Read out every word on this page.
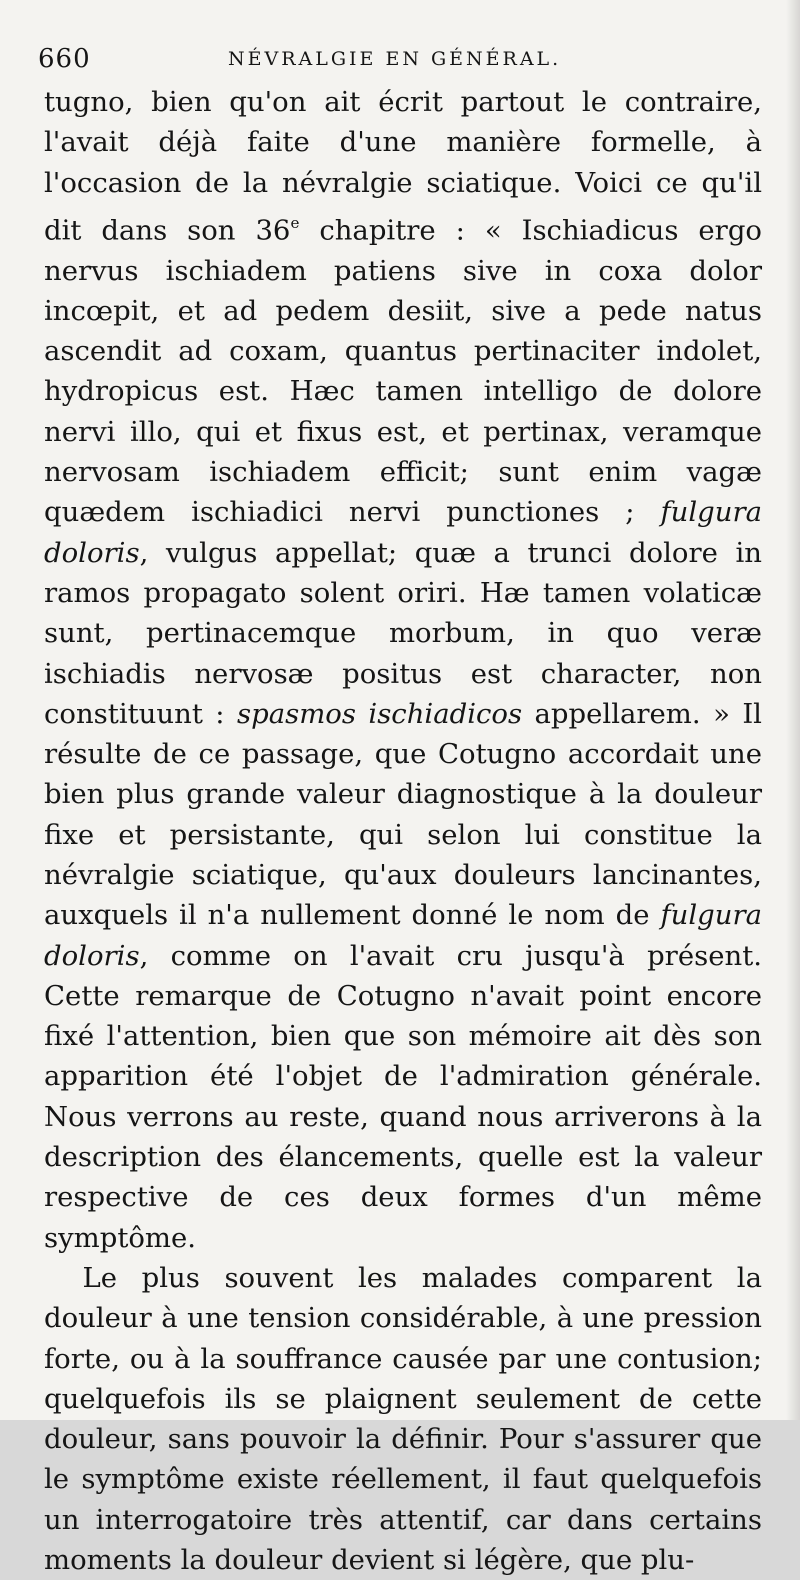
660	NÉVRALGIE EN GÉNÉRAL.

tugno, bien qu'on ait écrit partout le contraire, l'avait déjà faite d'une manière formelle, à l'occasion de la névralgie sciatique. Voici ce qu'il dit dans son 36e chapitre : « Ischiadicus ergo nervus ischiadem patiens sive in coxa dolor incœpit, et ad pedem desiit, sive a pede natus ascendit ad coxam, quantus pertinaciter indolet, hydropicus est. Hæc tamen intelligo de dolore nervi illo, qui et fixus est, et pertinax, veramque nervosam ischiadem efficit; sunt enim vagæ quædem ischiadici nervi punctiones ; fulgura doloris, vulgus appellat; quæ a trunci dolore in ramos propagato solent oriri. Hæ tamen volaticæ sunt, pertinacemque morbum, in quo veræ ischiadis nervosæ positus est character, non constituunt : spasmos ischiadicos appellarem. » Il résulte de ce passage, que Cotugno accordait une bien plus grande valeur diagnostique à la douleur fixe et persistante, qui selon lui constitue la névralgie sciatique, qu'aux douleurs lancinantes, auxquels il n'a nullement donné le nom de fulgura doloris, comme on l'avait cru jusqu'à présent. Cette remarque de Cotugno n'avait point encore fixé l'attention, bien que son mémoire ait dès son apparition été l'objet de l'admiration générale. Nous verrons au reste, quand nous arriverons à la description des élancements, quelle est la valeur respective de ces deux formes d'un même symptôme.

Le plus souvent les malades comparent la douleur à une tension considérable, à une pression forte, ou à la souffrance causée par une contusion; quelquefois ils se plaignent seulement de cette douleur, sans pouvoir la définir. Pour s'assurer que le symptôme existe réellement, il faut quelquefois un interrogatoire très attentif, car dans certains moments la douleur devient si légère, que plu-
